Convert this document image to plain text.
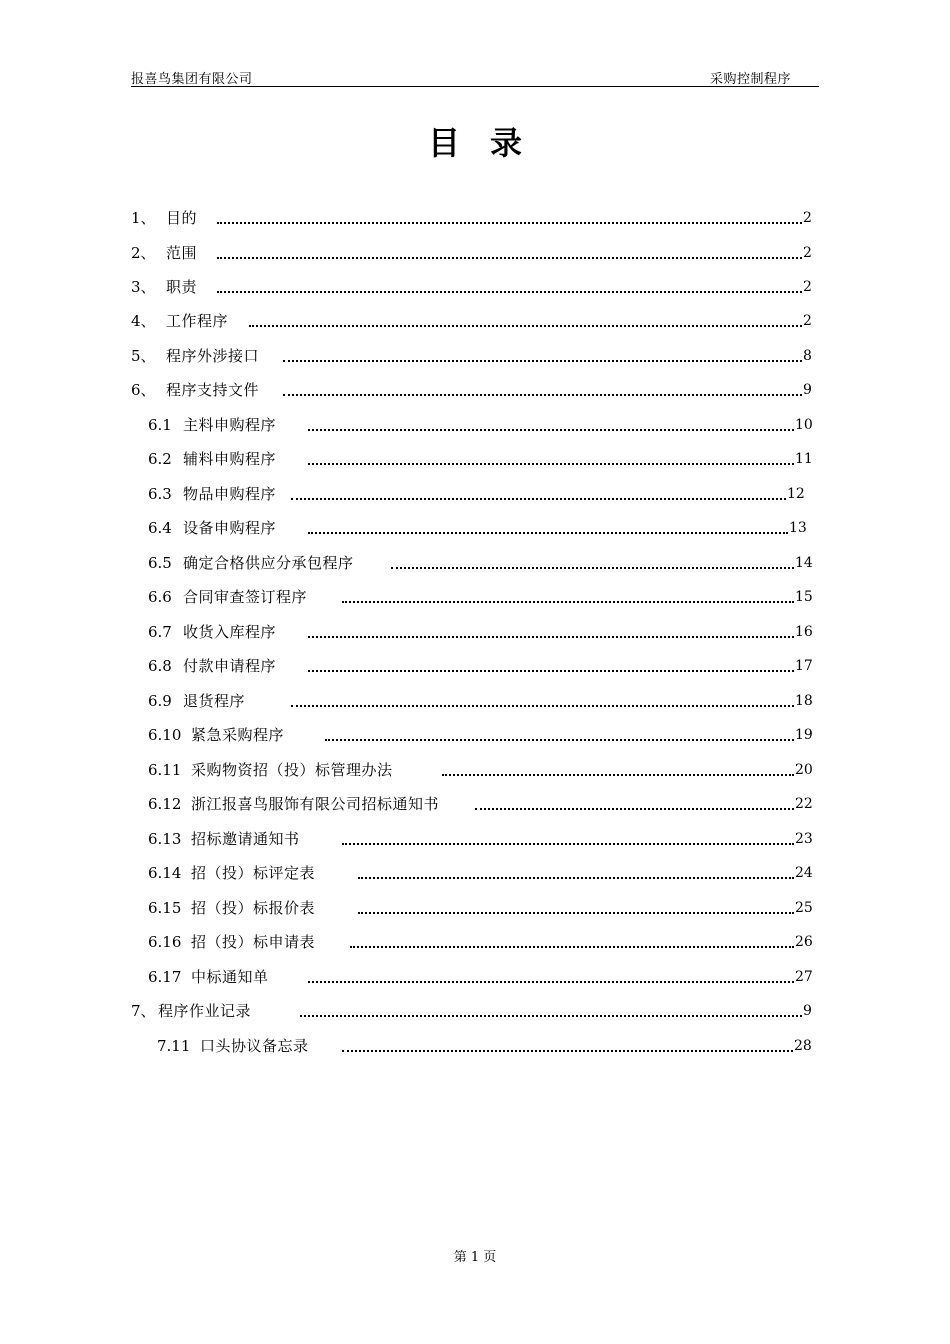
报喜鸟集团有限公司	采购控制程序
目录
1、 目的	2
2、 范围	2
3、 职责	2
4、 工作程序	2
5、 程序外涉接口	8
6、 程序支持文件	9
6.1 主料申购程序	10
6.2 辅料申购程序	11
6.3 物品申购程序	12
6.4 设备申购程序	13
6.5 确定合格供应分承包程序	14
6.6 合同审查签订程序	15
6.7 收货入库程序	16
6.8 付款申请程序	17
6.9 退货程序	18
6.10 紧急采购程序	19
6.11 采购物资招（投）标管理办法	20
6.12 浙江报喜鸟服饰有限公司招标通知书	22
6.13 招标邀请通知书	23
6.14 招（投）标评定表	24
6.15 招（投）标报价表	25
6.16 招（投）标申请表	26
6.17 中标通知单	27
7、 程序作业记录	9
7.11 口头协议备忘录	28
第 1 页
